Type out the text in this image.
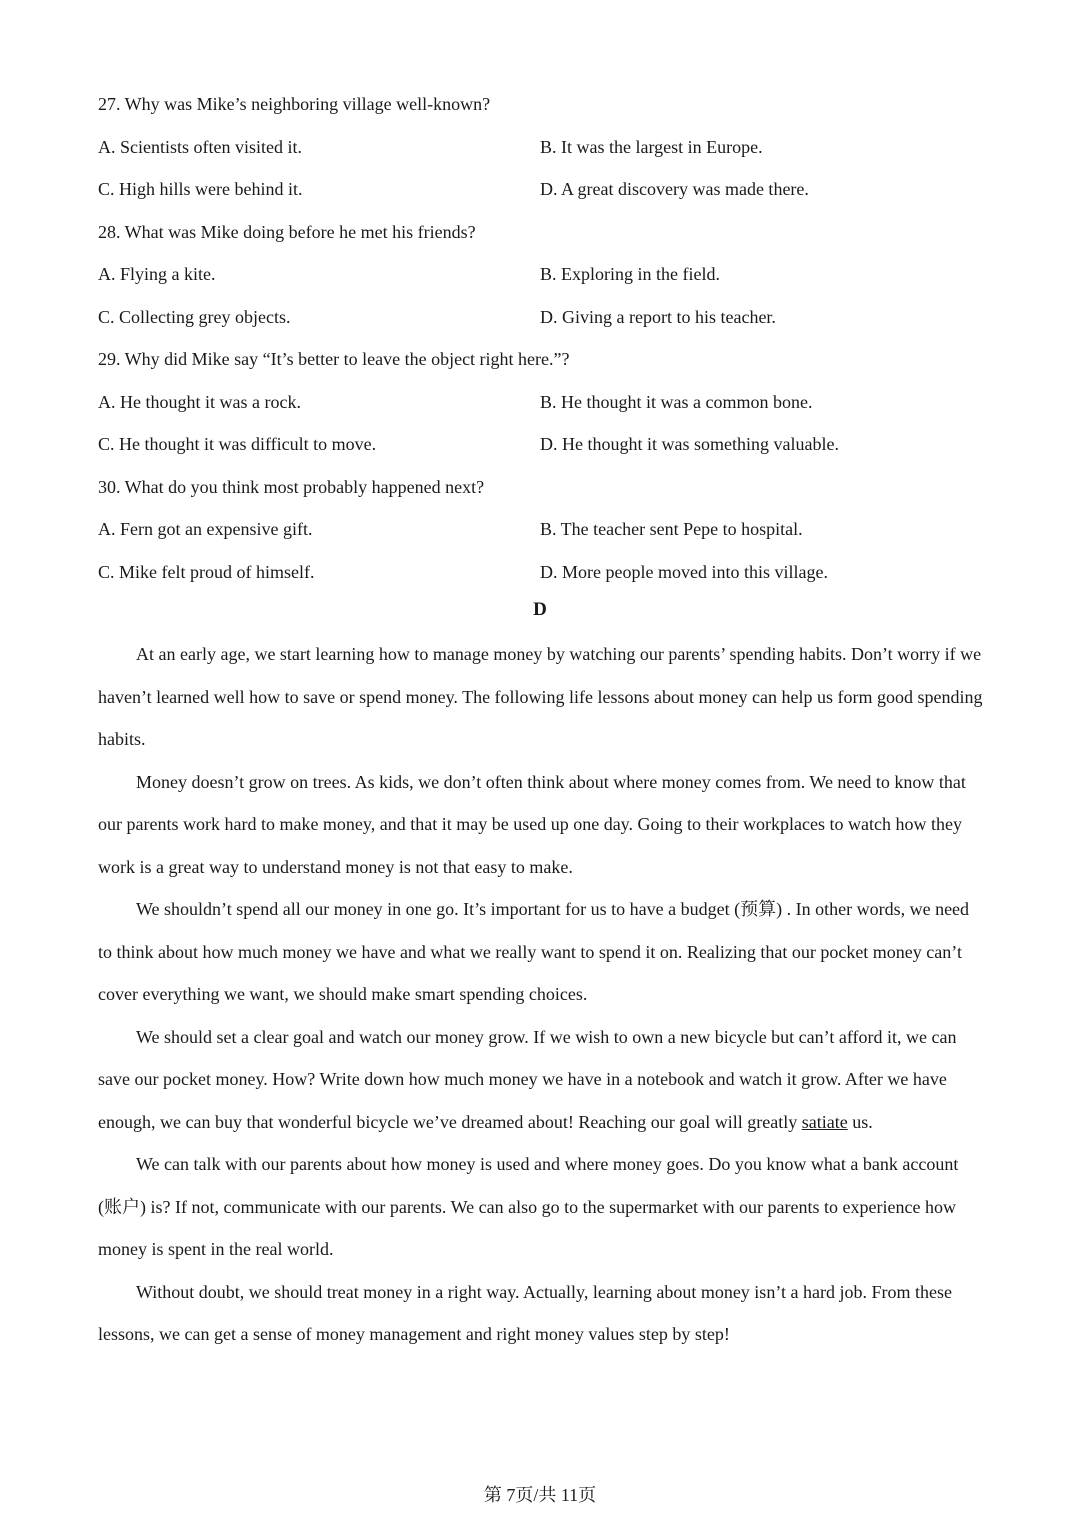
27. Why was Mike’s neighboring village well-known?
A. Scientists often visited it.	B. It was the largest in Europe.
C. High hills were behind it.	D. A great discovery was made there.
28. What was Mike doing before he met his friends?
A. Flying a kite.	B. Exploring in the field.
C. Collecting grey objects.	D. Giving a report to his teacher.
29. Why did Mike say “It’s better to leave the object right here.”?
A. He thought it was a rock.	B. He thought it was a common bone.
C. He thought it was difficult to move.	D. He thought it was something valuable.
30. What do you think most probably happened next?
A. Fern got an expensive gift.	B. The teacher sent Pepe to hospital.
C. Mike felt proud of himself.	D. More people moved into this village.
D

At an early age, we start learning how to manage money by watching our parents’ spending habits. Don’t worry if we haven’t learned well how to save or spend money. The following life lessons about money can help us form good spending habits.

Money doesn’t grow on trees. As kids, we don’t often think about where money comes from. We need to know that our parents work hard to make money, and that it may be used up one day. Going to their workplaces to watch how they work is a great way to understand money is not that easy to make.

We shouldn’t spend all our money in one go. It’s important for us to have a budget (预算) . In other words, we need to think about how much money we have and what we really want to spend it on. Realizing that our pocket money can’t cover everything we want, we should make smart spending choices.

We should set a clear goal and watch our money grow. If we wish to own a new bicycle but can’t afford it, we can save our pocket money. How? Write down how much money we have in a notebook and watch it grow. After we have enough, we can buy that wonderful bicycle we’ve dreamed about! Reaching our goal will greatly satiate us.

We can talk with our parents about how money is used and where money goes. Do you know what a bank account (账户) is? If not, communicate with our parents. We can also go to the supermarket with our parents to experience how money is spent in the real world.

Without doubt, we should treat money in a right way. Actually, learning about money isn’t a hard job. From these lessons, we can get a sense of money management and right money values step by step!

第 7页/共 11页
